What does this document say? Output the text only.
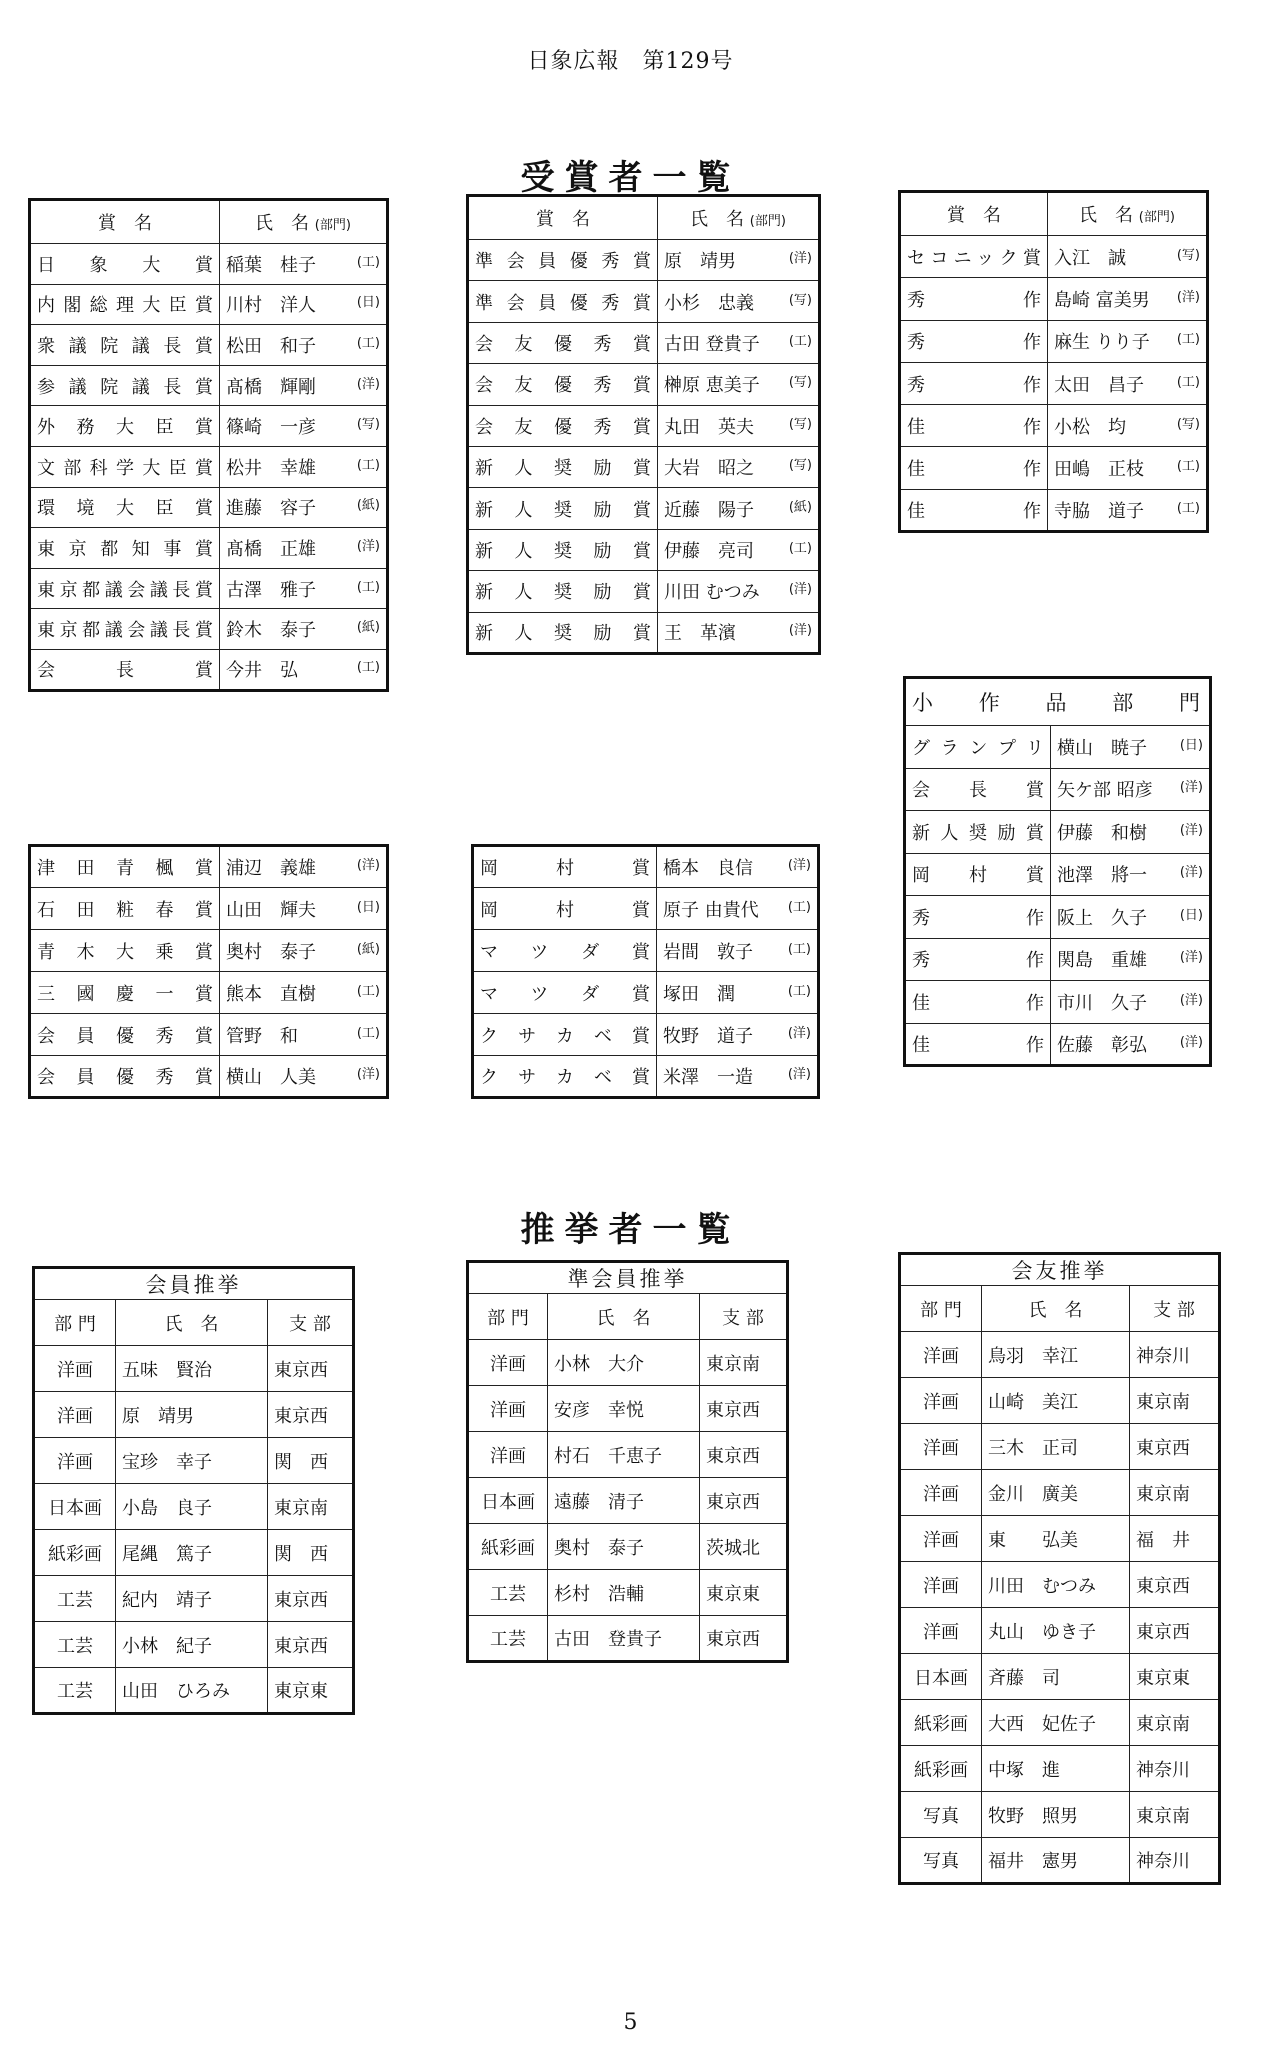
日象広報　第129号
受賞者一覧
賞　名	氏　名 (部門)

日象大賞	稲葉　桂子 (工)

内閣総理大臣賞	川村　洋人 (日)

衆議院議長賞	松田　和子 (工)

参議院議長賞	髙橋　輝剛 (洋)

外務大臣賞	篠崎　一彦 (写)

文部科学大臣賞	松井　幸雄 (工)

環境大臣賞	進藤　容子 (紙)

東京都知事賞	髙橋　正雄 (洋)

東京都議会議長賞	古澤　雅子 (工)

東京都議会議長賞	鈴木　泰子 (紙)

会長賞	今井　弘 (工)
津田青楓賞	浦辺　義雄 (洋)

石田粧春賞	山田　輝夫 (日)

青木大乗賞	奥村　泰子 (紙)

三國慶一賞	熊本　直樹 (工)

会員優秀賞	管野　和 (工)

会員優秀賞	横山　人美 (洋)
賞　名	氏　名 (部門)

準会員優秀賞	原　靖男 (洋)

準会員優秀賞	小杉　忠義 (写)

会友優秀賞	古田 登貴子 (工)

会友優秀賞	榊原 恵美子 (写)

会友優秀賞	丸田　英夫 (写)

新人奨励賞	大岩　昭之 (写)

新人奨励賞	近藤　陽子 (紙)

新人奨励賞	伊藤　亮司 (工)

新人奨励賞	川田 むつみ (洋)

新人奨励賞	王　革濱 (洋)
岡村賞	橋本　良信 (洋)

岡村賞	原子 由貴代 (工)

マツダ賞	岩間　敦子 (工)

マツダ賞	塚田　潤 (工)

クサカベ賞	牧野　道子 (洋)

クサカベ賞	米澤　一造 (洋)
賞　名	氏　名 (部門)

セコニック賞	入江　誠 (写)

秀作	島崎 富美男 (洋)

秀作	麻生 りり子 (工)

秀作	太田　昌子 (工)

佳作	小松　均 (写)

佳作	田嶋　正枝 (工)

佳作	寺脇　道子 (工)
小作品部門	

グランプリ	横山　暁子 (日)

会長賞	矢ケ部 昭彦 (洋)

新人奨励賞	伊藤　和樹 (洋)

岡村賞	池澤　將一 (洋)

秀作	阪上　久子 (日)

秀作	関島　重雄 (洋)

佳作	市川　久子 (洋)

佳作	佐藤　彰弘 (洋)
推挙者一覧
会員推挙		
部 門	氏　名	支 部
洋画	五味　賢治	東京西
洋画	原　靖男	東京西
洋画	宝珍　幸子	関　西
日本画	小島　良子	東京南
紙彩画	尾縄　篤子	関　西
工芸	紀内　靖子	東京西
工芸	小林　紀子	東京西
工芸	山田　ひろみ	東京東
準会員推挙		
部 門	氏　名	支 部
洋画	小林　大介	東京南
洋画	安彦　幸悦	東京西
洋画	村石　千恵子	東京西
日本画	遠藤　清子	東京西
紙彩画	奥村　泰子	茨城北
工芸	杉村　浩輔	東京東
工芸	古田　登貴子	東京西
会友推挙		
部 門	氏　名	支 部
洋画	鳥羽　幸江	神奈川
洋画	山崎　美江	東京南
洋画	三木　正司	東京西
洋画	金川　廣美	東京南
洋画	東　　弘美	福　井
洋画	川田　むつみ	東京西
洋画	丸山　ゆき子	東京西
日本画	斉藤　司	東京東
紙彩画	大西　妃佐子	東京南
紙彩画	中塚　進	神奈川
写真	牧野　照男	東京南
写真	福井　憲男	神奈川
5
